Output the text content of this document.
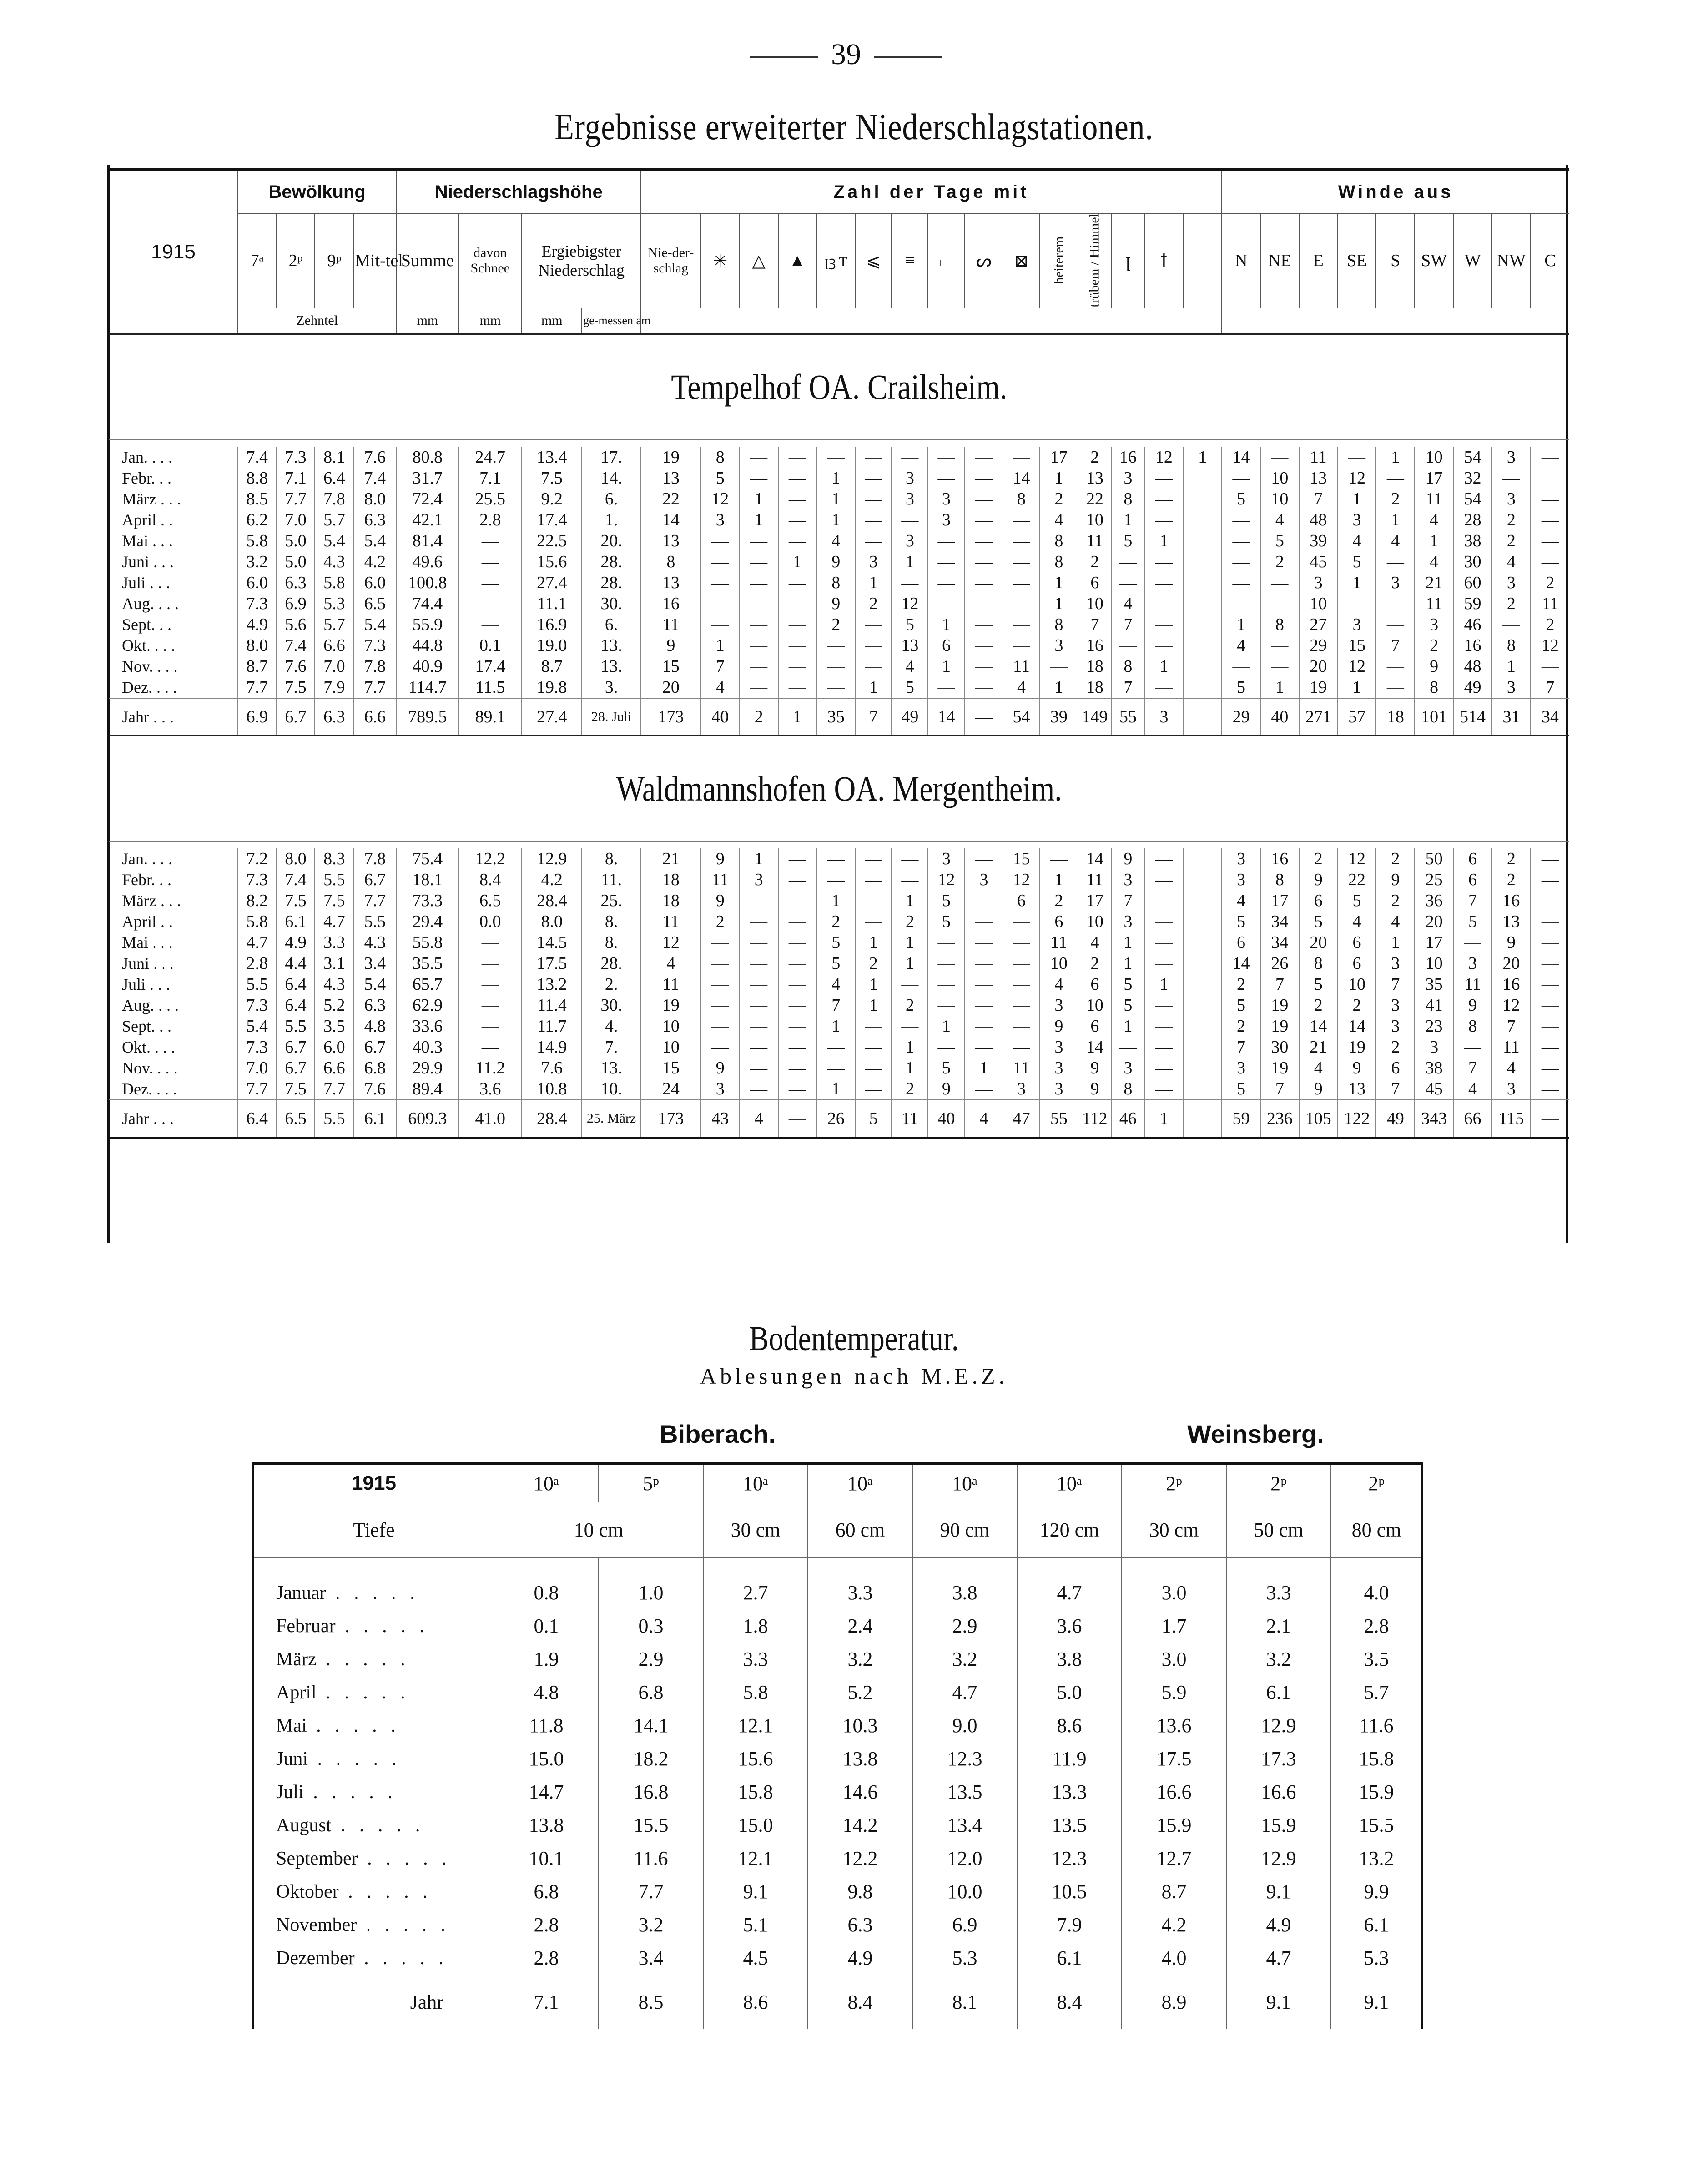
39
Ergebnisse erweiterter Niederschlagstationen.
1915	Bewölkung				Niederschlagshöhe				Zahl der Tage mit															Winde aus								
	7ᵃ	2ᵖ	9ᵖ	Mit-tel	Summe	davon Schnee	Ergiebigster Niederschlag		Nie-der-schlag	✳	△	▲	ꞁꝫ T	⩽	≡	⌴	ᔕ	⊠	heiterem	trübem / Himmel	ꞁ	ꝉ		N	NE	E	SE	S	SW	W	NW	C
	Zehntel				mm	mm	mm	ge-messen am																								
Tempelhof OA. Crailsheim.																																

Jan. . . .	7.4	7.3	8.1	7.6	80.8	24.7	13.4	17.	19	8	—	—	—	—	—	—	—	—	17	2	16	12	1	14	—	11	—	1	10	54	3	—
Febr. . .	8.8	7.1	6.4	7.4	31.7	7.1	7.5	14.	13	5	—	—	1	—	3	—	—	14	1	13	3	—		—	10	13	12	—	17	32	—	
März . . .	8.5	7.7	7.8	8.0	72.4	25.5	9.2	6.	22	12	1	—	1	—	3	3	—	8	2	22	8	—		5	10	7	1	2	11	54	3	—
April . .	6.2	7.0	5.7	6.3	42.1	2.8	17.4	1.	14	3	1	—	1	—	—	3	—	—	4	10	1	—		—	4	48	3	1	4	28	2	—
Mai . . .	5.8	5.0	5.4	5.4	81.4	—	22.5	20.	13	—	—	—	4	—	3	—	—	—	8	11	5	1		—	5	39	4	4	1	38	2	—
Juni . . .	3.2	5.0	4.3	4.2	49.6	—	15.6	28.	8	—	—	1	9	3	1	—	—	—	8	2	—	—		—	2	45	5	—	4	30	4	—
Juli . . .	6.0	6.3	5.8	6.0	100.8	—	27.4	28.	13	—	—	—	8	1	—	—	—	—	1	6	—	—		—	—	3	1	3	21	60	3	2
Aug. . . .	7.3	6.9	5.3	6.5	74.4	—	11.1	30.	16	—	—	—	9	2	12	—	—	—	1	10	4	—		—	—	10	—	—	11	59	2	11
Sept. . .	4.9	5.6	5.7	5.4	55.9	—	16.9	6.	11	—	—	—	2	—	5	1	—	—	8	7	7	—		1	8	27	3	—	3	46	—	2
Okt. . . .	8.0	7.4	6.6	7.3	44.8	0.1	19.0	13.	9	1	—	—	—	—	13	6	—	—	3	16	—	—		4	—	29	15	7	2	16	8	12
Nov. . . .	8.7	7.6	7.0	7.8	40.9	17.4	8.7	13.	15	7	—	—	—	—	4	1	—	11	—	18	8	1		—	—	20	12	—	9	48	1	—
Dez. . . .	7.7	7.5	7.9	7.7	114.7	11.5	19.8	3.	20	4	—	—	—	1	5	—	—	4	1	18	7	—		5	1	19	1	—	8	49	3	7
Jahr . . .	6.9	6.7	6.3	6.6	789.5	89.1	27.4	28. Juli	173	40	2	1	35	7	49	14	—	54	39	149	55	3		29	40	271	57	18	101	514	31	34
Waldmannshofen OA. Mergentheim.																																

Jan. . . .	7.2	8.0	8.3	7.8	75.4	12.2	12.9	8.	21	9	1	—	—	—	—	3	—	15	—	14	9	—		3	16	2	12	2	50	6	2	—
Febr. . .	7.3	7.4	5.5	6.7	18.1	8.4	4.2	11.	18	11	3	—	—	—	—	12	3	12	1	11	3	—		3	8	9	22	9	25	6	2	—
März . . .	8.2	7.5	7.5	7.7	73.3	6.5	28.4	25.	18	9	—	—	1	—	1	5	—	6	2	17	7	—		4	17	6	5	2	36	7	16	—
April . .	5.8	6.1	4.7	5.5	29.4	0.0	8.0	8.	11	2	—	—	2	—	2	5	—	—	6	10	3	—		5	34	5	4	4	20	5	13	—
Mai . . .	4.7	4.9	3.3	4.3	55.8	—	14.5	8.	12	—	—	—	5	1	1	—	—	—	11	4	1	—		6	34	20	6	1	17	—	9	—
Juni . . .	2.8	4.4	3.1	3.4	35.5	—	17.5	28.	4	—	—	—	5	2	1	—	—	—	10	2	1	—		14	26	8	6	3	10	3	20	—
Juli . . .	5.5	6.4	4.3	5.4	65.7	—	13.2	2.	11	—	—	—	4	1	—	—	—	—	4	6	5	1		2	7	5	10	7	35	11	16	—
Aug. . . .	7.3	6.4	5.2	6.3	62.9	—	11.4	30.	19	—	—	—	7	1	2	—	—	—	3	10	5	—		5	19	2	2	3	41	9	12	—
Sept. . .	5.4	5.5	3.5	4.8	33.6	—	11.7	4.	10	—	—	—	1	—	—	1	—	—	9	6	1	—		2	19	14	14	3	23	8	7	—
Okt. . . .	7.3	6.7	6.0	6.7	40.3	—	14.9	7.	10	—	—	—	—	—	1	—	—	—	3	14	—	—		7	30	21	19	2	3	—	11	—
Nov. . . .	7.0	6.7	6.6	6.8	29.9	11.2	7.6	13.	15	9	—	—	—	—	1	5	1	11	3	9	3	—		3	19	4	9	6	38	7	4	—
Dez. . . .	7.7	7.5	7.7	7.6	89.4	3.6	10.8	10.	24	3	—	—	1	—	2	9	—	3	3	9	8	—		5	7	9	13	7	45	4	3	—
Jahr . . .	6.4	6.5	5.5	6.1	609.3	41.0	28.4	25. März	173	43	4	—	26	5	11	40	4	47	55	112	46	1		59	236	105	122	49	343	66	115	—
Bodentemperatur.
Ablesungen nach M.E.Z.
Biberach.	Weinsberg.
1915	10ᵃ	5ᵖ	10ᵃ	10ᵃ	10ᵃ	10ᵃ	2ᵖ	2ᵖ	2ᵖ	
Tiefe	10 cm		30 cm	60 cm	90 cm	120 cm	30 cm	50 cm	80 cm	

Januar . . . . .	0.8	1.0	2.7	3.3	3.8	4.7	3.0	3.3	4.0	
Februar . . . . .	0.1	0.3	1.8	2.4	2.9	3.6	1.7	2.1	2.8	
März . . . . .	1.9	2.9	3.3	3.2	3.2	3.8	3.0	3.2	3.5	
April . . . . .	4.8	6.8	5.8	5.2	4.7	5.0	5.9	6.1	5.7	
Mai . . . . .	11.8	14.1	12.1	10.3	9.0	8.6	13.6	12.9	11.6	
Juni . . . . .	15.0	18.2	15.6	13.8	12.3	11.9	17.5	17.3	15.8	
Juli . . . . .	14.7	16.8	15.8	14.6	13.5	13.3	16.6	16.6	15.9	
August . . . . .	13.8	15.5	15.0	14.2	13.4	13.5	15.9	15.9	15.5	
September . . . . .	10.1	11.6	12.1	12.2	12.0	12.3	12.7	12.9	13.2	
Oktober . . . . .	6.8	7.7	9.1	9.8	10.0	10.5	8.7	9.1	9.9	
November . . . . .	2.8	3.2	5.1	6.3	6.9	7.9	4.2	4.9	6.1	
Dezember . . . . .	2.8	3.4	4.5	4.9	5.3	6.1	4.0	4.7	5.3	
Jahr	7.1	8.5	8.6	8.4	8.1	8.4	8.9	9.1	9.1	
